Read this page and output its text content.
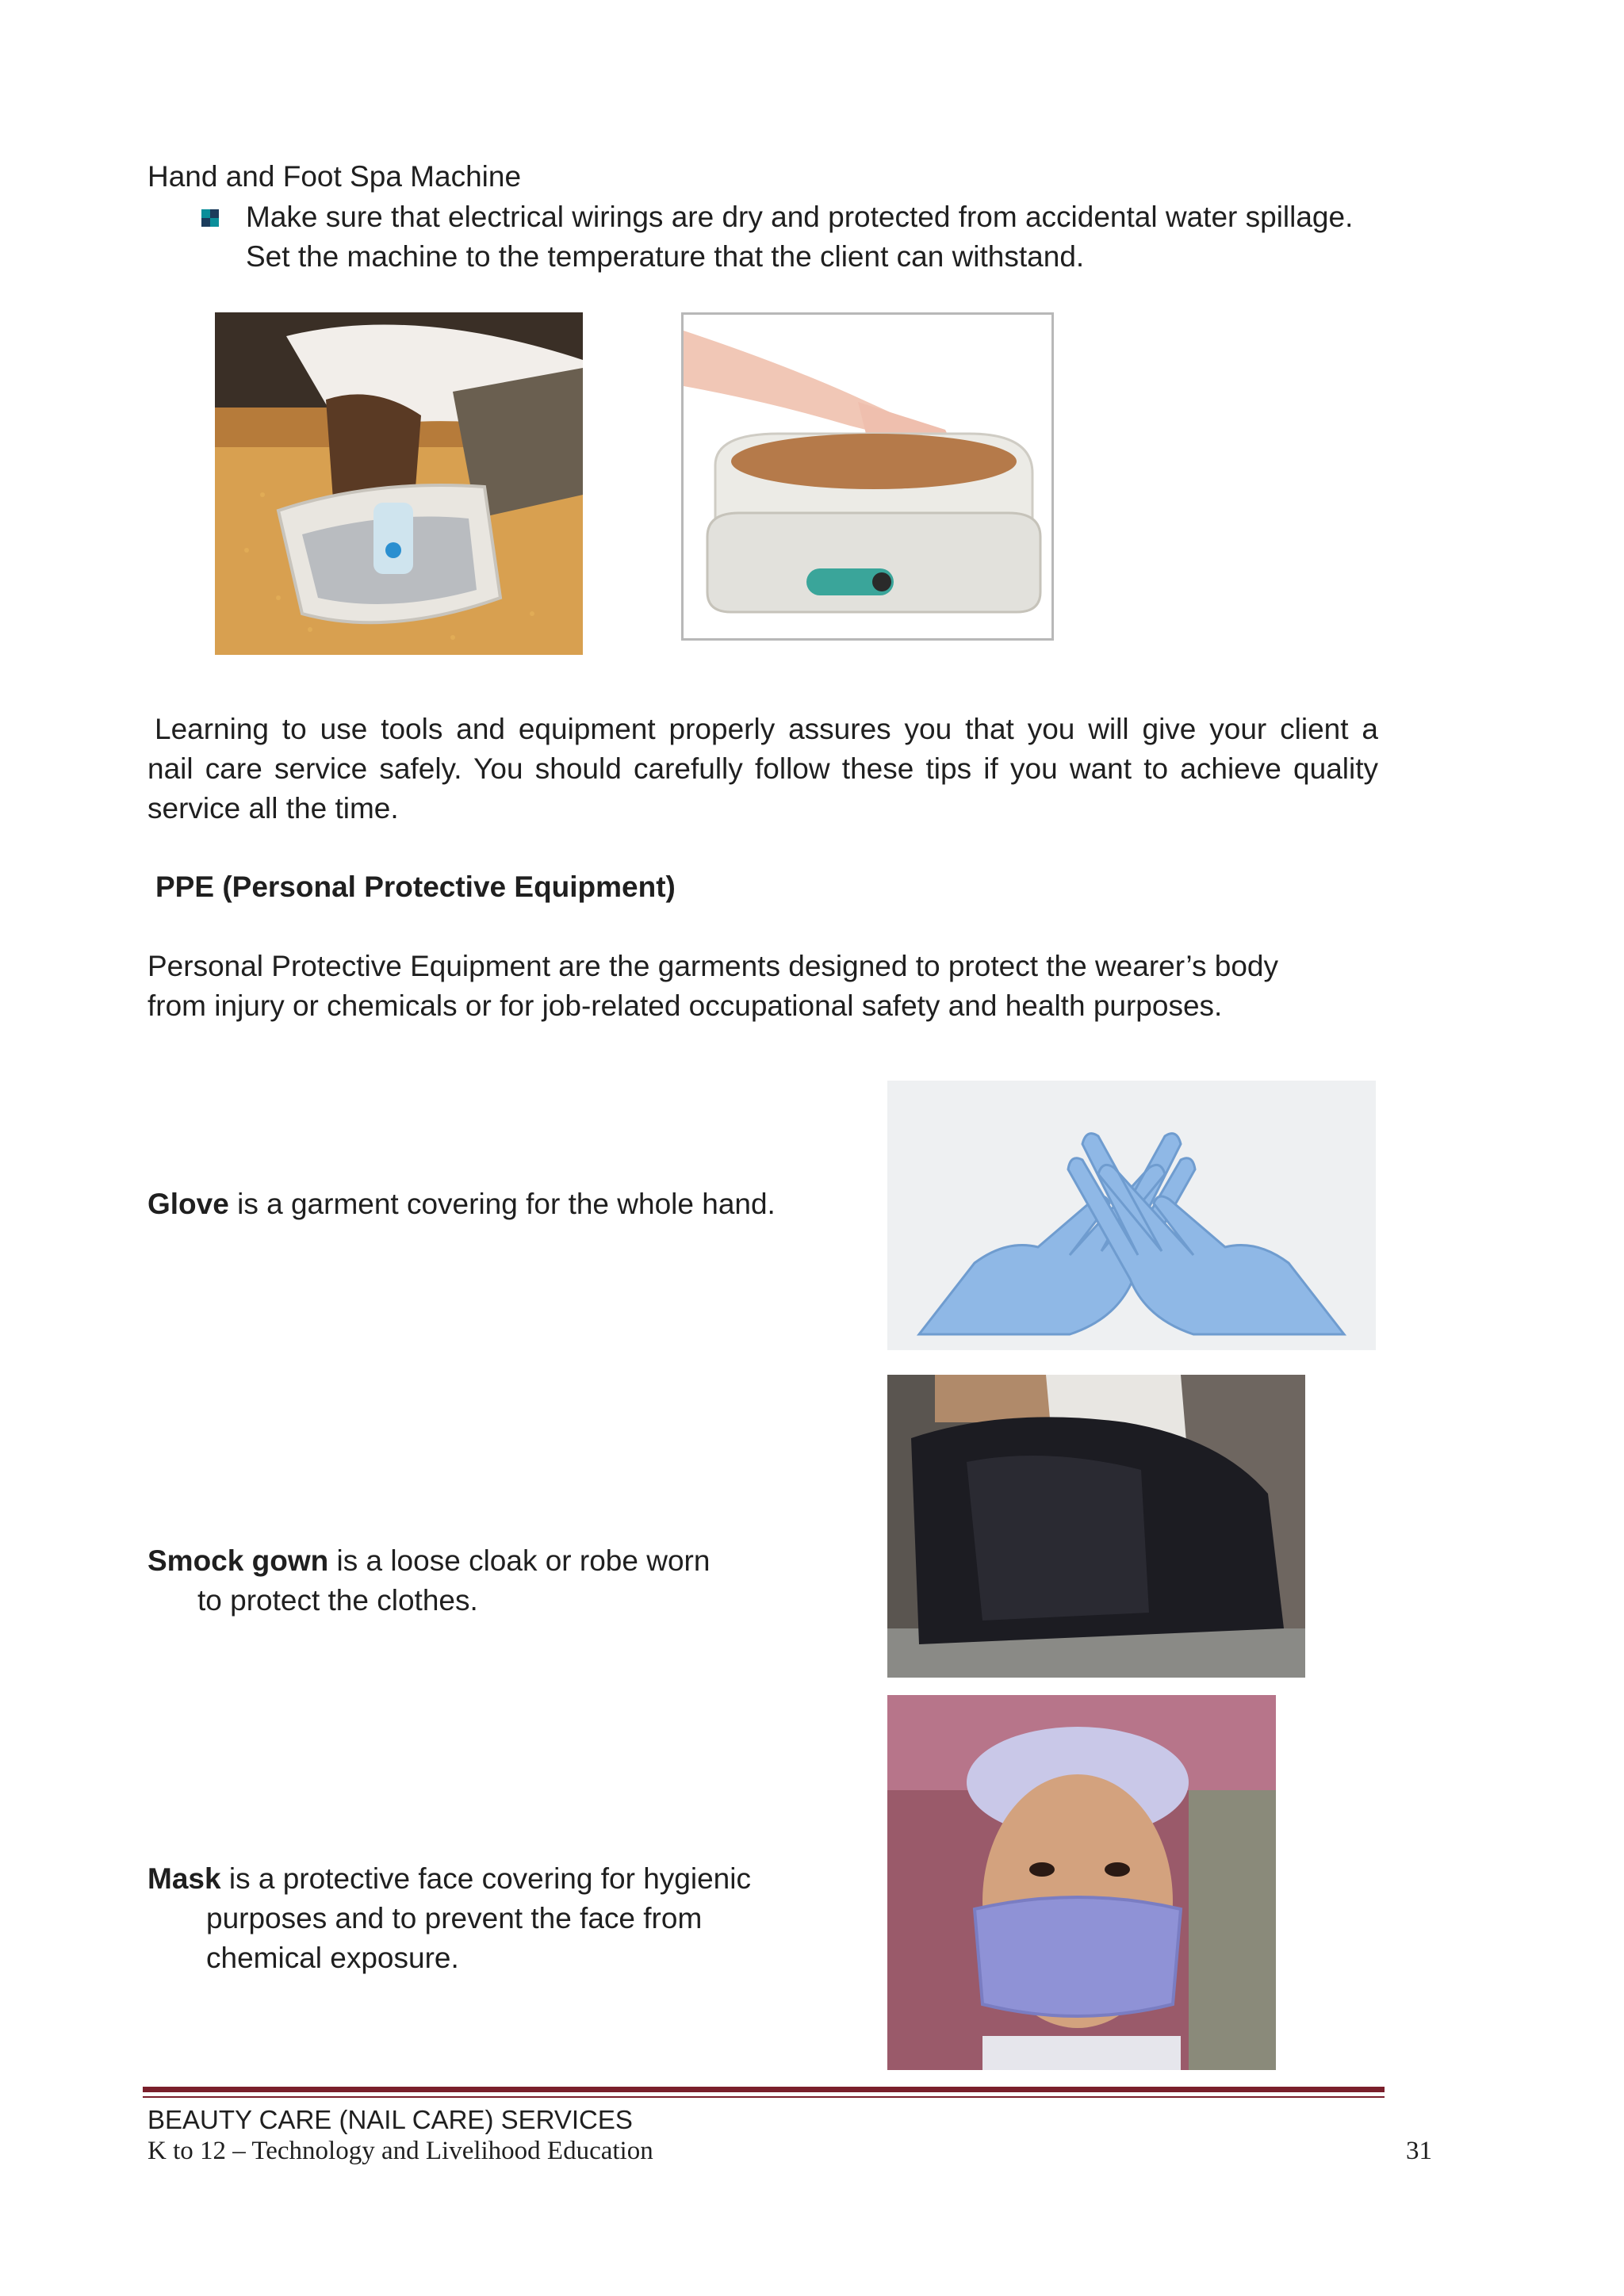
Hand and Foot Spa Machine
Make sure that electrical wirings are dry and protected from accidental water spillage.
Set the machine to the temperature that the client can withstand.
Learning to use tools and equipment properly assures you that you will give your client a
nail care service safely. You should carefully follow these tips if you want to achieve quality
service all the time.
PPE (Personal Protective Equipment)
Personal Protective Equipment are the garments designed to protect the wearer’s body
from injury or chemicals or for job-related occupational safety and health purposes.
Glove is a garment covering for the whole hand.
Smock gown is a loose cloak or robe worn
to protect the clothes.
Mask is a protective face covering for hygienic
purposes and to prevent the face from
chemical exposure.
BEAUTY CARE (NAIL CARE) SERVICES
K to 12 – Technology and Livelihood Education	31
